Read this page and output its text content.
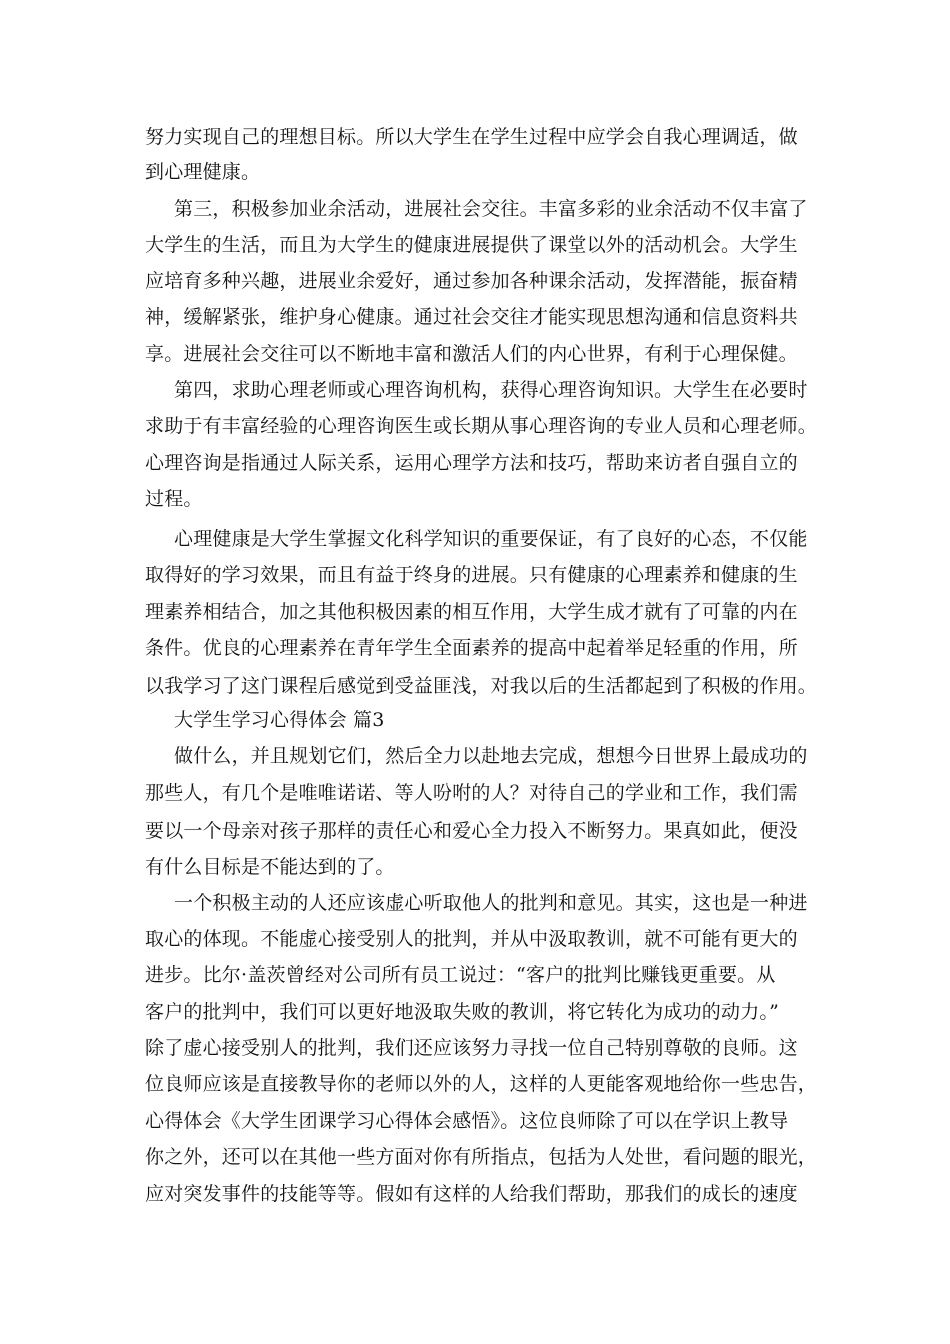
努力实现自己的理想目标。所以大学生在学生过程中应学会自我心理调适，做
到心理健康。
第三，积极参加业余活动，进展社会交往。丰富多彩的业余活动不仅丰富了
大学生的生活，而且为大学生的健康进展提供了课堂以外的活动机会。大学生
应培育多种兴趣，进展业余爱好，通过参加各种课余活动，发挥潜能，振奋精
神，缓解紧张，维护身心健康。通过社会交往才能实现思想沟通和信息资料共
享。进展社会交往可以不断地丰富和激活人们的内心世界，有利于心理保健。
第四，求助心理老师或心理咨询机构，获得心理咨询知识。大学生在必要时
求助于有丰富经验的心理咨询医生或长期从事心理咨询的专业人员和心理老师。
心理咨询是指通过人际关系，运用心理学方法和技巧，帮助来访者自强自立的
过程。
心理健康是大学生掌握文化科学知识的重要保证，有了良好的心态，不仅能
取得好的学习效果，而且有益于终身的进展。只有健康的心理素养和健康的生
理素养相结合，加之其他积极因素的相互作用，大学生成才就有了可靠的内在
条件。优良的心理素养在青年学生全面素养的提高中起着举足轻重的作用，所
以我学习了这门课程后感觉到受益匪浅，对我以后的生活都起到了积极的作用。
大学生学习心得体会 篇3
做什么，并且规划它们，然后全力以赴地去完成，想想今日世界上最成功的
那些人，有几个是唯唯诺诺、等人吩咐的人？对待自己的学业和工作，我们需
要以一个母亲对孩子那样的责任心和爱心全力投入不断努力。果真如此，便没
有什么目标是不能达到的了。
一个积极主动的人还应该虚心听取他人的批判和意见。其实，这也是一种进
取心的体现。不能虚心接受别人的批判，并从中汲取教训，就不可能有更大的
进步。比尔·盖茨曾经对公司所有员工说过：“客户的批判比赚钱更重要。从
客户的批判中，我们可以更好地汲取失败的教训，将它转化为成功的动力。”
除了虚心接受别人的批判，我们还应该努力寻找一位自己特别尊敬的良师。这
位良师应该是直接教导你的老师以外的人，这样的人更能客观地给你一些忠告，
心得体会《大学生团课学习心得体会感悟》。这位良师除了可以在学识上教导
你之外，还可以在其他一些方面对你有所指点，包括为人处世，看问题的眼光，
应对突发事件的技能等等。假如有这样的人给我们帮助，那我们的成长的速度
